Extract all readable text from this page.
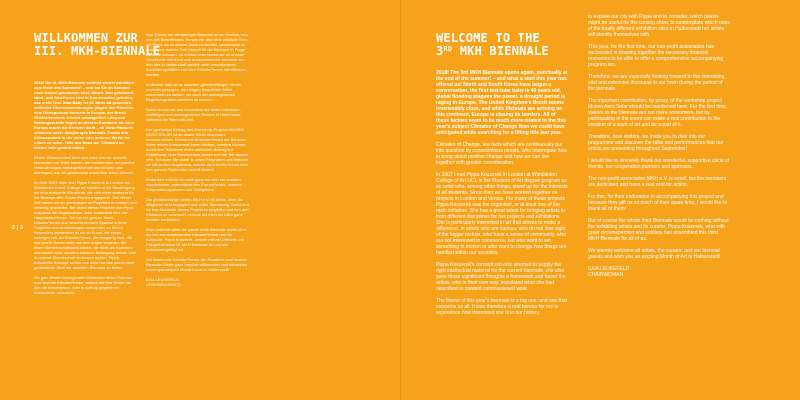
2 | 3
WILLKOMMEN ZUR
III. MKH-BIENNALE

2018! Die III. MKH-Biennale eröffnet wieder pünktlich zum Ende des Sommers! – und wo Sie im Sommer nach Kassel gekommen sind, dieses Jahr gebündelt, Nord- und Süd-Korea sind in Konversation getreten, das erste Test-Tube-Baby ist 40 Jahre alt geworden, weltweite Überschwemmungen plagen den Planeten, eine Dürreperiode herrscht in Europa, der Brexit Großbritanniens scheint unweigerlich ruhig und Rettungsschiffe liegen an diesem Kontinent an. Aber Europa macht die Grenzen dicht – all diese Faktoren scheinen unser diesjähriges Biennale-Thema des Klimawandels in der einen oder anderen Weise ins Leben zu rufen. Teile des Baus der Titelwahl im letzten Jahr gezählt hätten.

Einem Klimawechsel dem sich nach wie vor schnelle Menschen zur Wehr setzen, die nachdenken, wo positive Veränderungen herbeigeführt werden können und überlegen, wie wir gemeinsam unsichtbar leben können.

Im Jahr 2007 hatte sich Pippa Koszerek in London am Wimbledon Kunst College im Masters of Art Studiengang als eine motivierte Künstlerin, die sich unter anderem für die Belange aller Student*innen engagierte. Seit dieser Zeit haben wir an gemeinsam an Projekten in London und Venedig gearbeitet. Bei vielen dieser Projekte war Pippa Koszerek die Organisatorin, oder zumindest eine der Hauptakteur*innen. Sie hat ein großes Talent, Künstler*innen aus verschiedensten Sparten in ihren Projekten und Ausstellungen zusammen zu führen. Besonders interessiert ist sie an Kunst, die etwas bewegen will, an Künstler*innen, die neugierig sind, die das große Ganze nicht aus den Augen verlieren, die einen Gemeinschaftssinn haben, die nicht am Kommerz interessiert sind, sondern etwas in Bewegung setzen oder in unserer Gesellschaft verändern wollen. Pippa Koszereks Konzept schien uns nicht nur das passendste gedankliche Stoff der aktuellen Biennale zu liefern.

Sie gab diesem bewegenden Gedanken einen Rahmen und fand die Künstler*innen, welche auf ihre Weise die ihm die beschrieben, oder in Auftrag gegebenen Kunstwerke, umsetzen.

Das Thema der diesjährigen Biennale ist ein Großes, und uns alle Betreffendes. Es war mir also eine wirkliche Ehre, mit Pippa durch unsere Stadt zu streifen, gemeinsam zu überlegen, welche Orte überall für die Biennale in Frage kommen könnten, zu erleben interessiert sie an unserer Geschichte teilnimmt und auszulotend mit welchem von den hier in Halberstadt wirklich sehr verschiedenen Ausbildungsstätten sich ihre Künstler*innen identifizieren werden.

In diesem Jahr ist es unserem gemeinnützigen Verein erstmals gelungen, die nötigen finanziellen Mittel zusammen zu stellen, um auch ein umfangreiches Begleitprogramm anbieten zu können.

Daher freuen wir uns besonders auf einen intensiven, vielfältigen und umfangreichen Diskurs in Halberstadt während der Biennale-Zeit.

Der großartige Beitrag des Workshop-Projekts MUSEO AERO SOLAR ist an dieser Stelle besonders hervorzuheben. Einmal mit Besucher*innen der Biennale keine reinen Konsument*innen bleiben, sondern können durch ihre Teilnahme einen wirklichen Beitrag zur Entstehung einer Kunstwerkes leisten und ein Teil dessen sein. Schauen Sie daher in unser Programm und nehmen sie teil an den Angeboten, welche die Künstler*innen über den ganzen September verteilt bieten!

Bedanken möchte ich mich ganz herzlich bei unseren wunderbaren, unterstützenden Freund*innen, unseren Kooperationspartnern und Geldgebern.

Die gemeinnützige Verein MKH e.V. ist kleine, aber die Mitglieder sind engagiert und voller Tatendrang. Dafür und für ihre Ausdauer dieses Projekt zu begleiten und ihm den Freiraum zu schenken, möchte ich mich bei Allen ganz herzlich bedanken!

Aber natürlich wäre die ganze dritte Biennale nichts ohne die bei uns ausstellenden Künstler*innen und die Kuratorin, Pippa Koszerek, welche mit viel Umsicht und Feingefühl diese III. MKH Biennale für uns alle zusammengefügt hat.

Wir freuen alle Künstler*innen, die Kuratorin, und unsere Biennale-Gäste ganz herzlich willkommen und wünschen einen spannenden Monat Kunst in Halberstadt!

ILKA LEUKEFELD
VEREINSVORSITZ
WELCOME TO THE
3RD MKH BIENNALE

2018! The 3rd MKH Biennale opens again, punctually at the end of the summer! – and what a start this year has offered us! North and South Korea have begun a conversation, the first test-tube baby is 40 years old, global flooding plagues the planet, a drought period is raging in Europe, The United Kingdom's Brexit seems irretrievably close, and while lifeboats are arriving on this continent, Europe is closing its borders. All of these factors seem to be much more related to the this year's subject Climates of Change than we could have anticipated while searching for a fitting title last year.

Climates of Change, are facts which are continuously put into question by conscientious people, who interrogate how to bring about positive change and how we can live together with greater consideration.

In 2007 I met Pippa Koszerek in London at Wimbledon College of Art UCL in the Masters of Art degree program as an artist who, among other things, stood up for the interests of all students. Since then we have worked together on projects in London and Venice. For many of these projects Pippa Koszerek was the organiser, or at least one of the main initiators. She has a great talent for bringing artists in from different disciplines for her projects and exhibitions. She is particularly interested in art that strives to make a difference, in artists who are curious, who do not lose sight of the bigger picture, who have a sense of community, who are not interested in commerce, but who want to set something in motion or who want to change how things are handled within our societies.

Pippa Koszerek's concept not only seemed to supply the right intellectual material for the current biennale, she also gave those significant thoughts a framework and found the artists, who in their own way, translated what she had described or created commissioned work.

The theme of this year's biennale is a big one, and one that concerns us all. It was therefore a real honour for me to experience how interested she is in our history,

to explore our city with Pippa and to consider, which places might be useful for the coming show, to contemplate which ones of the totally different exhibition sites in Halberstadt her artists will identify themselves with.

This year, for the first time, our non-profit association has succeeded in drawing together the necessary financial resources to be able to offer a comprehensive accompanying program too.

Therefore, we are especially looking forward to the interesting, vital and extensive discourse in our town during the period of the biennale.

The important contribution, by proxy, of the workshop project Museo Aero Solar should be mentioned here. For the first time, visitors to the biennale are not mere consumers, but by participating in the event can make a real contribution to the creation of a work of art and be a part of it.

Therefore, dear visitors, we invite you to dive into our programme and discover the talks and performances that our artists are presenting throughout September!

I would like to sincerely thank our wonderful, supportive circle of friends, our cooperation partners and sponsors.

The non-profit association MKH e.V. is small, but the members are dedicated and have a real zest for action.

For this, for their endurance in accompanying this project and because they gift us so much of their spare time, I would like to thank all of them!

But of course the whole third Biennale would be nothing without the exhibiting artists and its curator, Pippa Koszerek, who with great circumspection and subtlety has assembled this third MKH Biennale for all of us.

We warmly welcome all artists, the curator, and our biennial guests and wish you an exciting Month of Art in Halberstadt!

ILKA LEUKEFELD
CHAIRWOMAN
